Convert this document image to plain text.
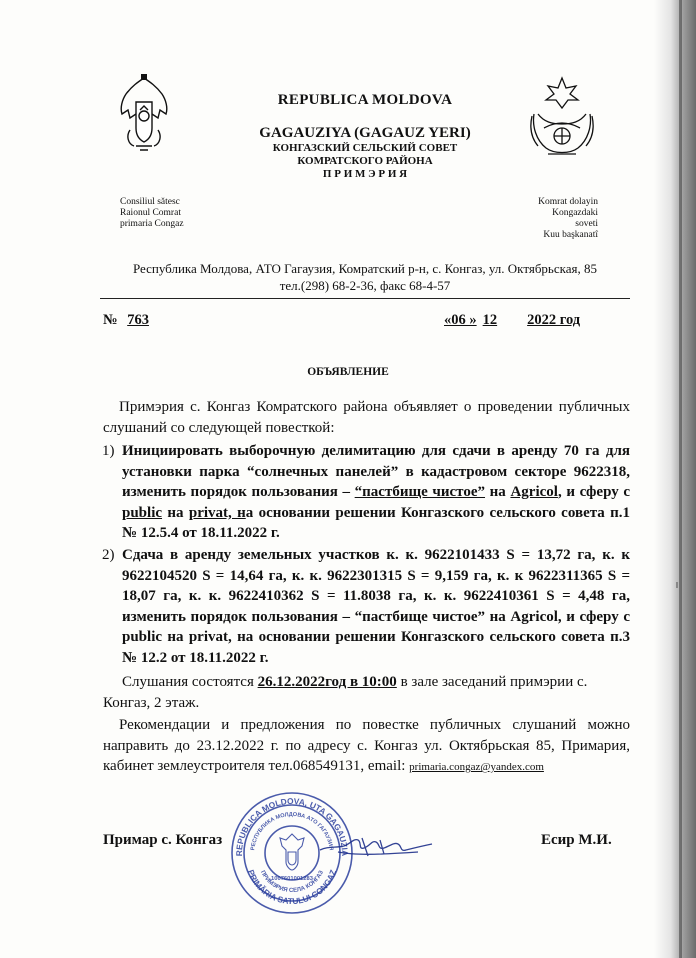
REPUBLICA MOLDOVA
GAGAUZIYA (GAGAUZ YERI)
КОНГАЗСКИЙ СЕЛЬСКИЙ СОВЕТ
КОМРАТСКОГО РАЙОНА
П Р И М Э Р И Я
Consiliul sătesc
Raionul Comrat
primaria Congaz
Komrat dolayin
Kongazdaki soveti
Kuu başkanatî
Республика Молдова, АТО Гагаузия, Комратский р-н, с. Конгаз, ул. Октябрьская, 85
тел.(298) 68-2-36, факс 68-4-57
№ 763	«06 » 12 2022 год
ОБЪЯВЛЕНИЕ
Примэрия с. Конгаз Комратского района объявляет о проведении публичных слушаний со следующей повесткой:
1) Инициировать выборочную делимитацию для сдачи в аренду 70 га для установки парка “солнечных панелей” в кадастровом секторе 9622318, изменить порядок пользования – “пастбище чистое” на Agricol, и сферу с public на privat, на основании решении Конгазского сельского совета п.1 № 12.5.4 от 18.11.2022 г.
2) Сдача в аренду земельных участков к. к. 9622101433 S = 13,72 га, к. к 9622104520 S = 14,64 га, к. к. 9622301315 S = 9,159 га, к. к 9622311365 S = 18,07 га, к. к. 9622410362 S = 11.8038 га, к. к. 9622410361 S = 4,48 га, изменить порядок пользования – “пастбище чистое” на Agricol, и сферу с public на privat, на основании решении Конгазского сельского совета п.3 № 12.2 от 18.11.2022 г.
Слушания состоятся 26.12.2022год в 10:00 в зале заседаний примэрии с. Конгаз, 2 этаж.
Рекомендации и предложения по повестке публичных слушаний можно направить до 23.12.2022 г. по адресу с. Конгаз ул. Октябрьская 85, Примария, кабинет землеустроителя тел.068549131, email: primaria.congaz@yandex.com
Примар с. Конгаз	Есир М.И.
REPUBLICA MOLDOVA, UTA GAGAUZIA
PRIMĂRIA SATULUI CONGAZ
РЕСПУБЛИКА МОЛДОВА АТО ГАГАУЗИЯ
ПРИМЭРИЯ СЕЛА КОНГАЗ
1007601001283
